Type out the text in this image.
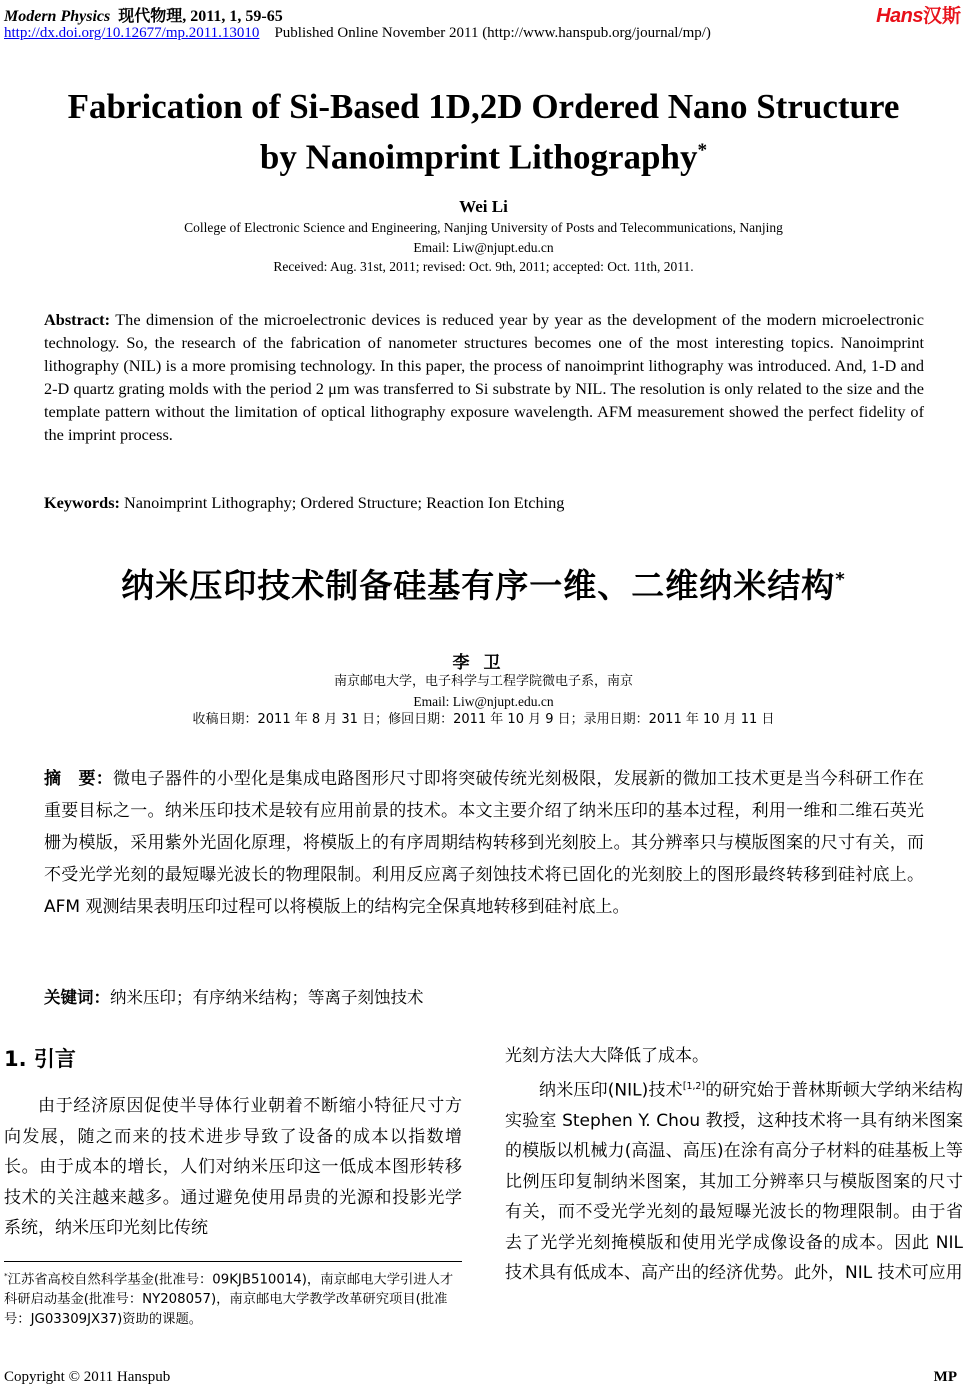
Modern Physics 现代物理, 2011, 1, 59-65
http://dx.doi.org/10.12677/mp.2011.13010 Published Online November 2011 (http://www.hanspub.org/journal/mp/)
Hans汉斯
Fabrication of Si-Based 1D,2D Ordered Nano Structure
by Nanoimprint Lithography*
Wei Li
College of Electronic Science and Engineering, Nanjing University of Posts and Telecommunications, Nanjing
Email: Liw@njupt.edu.cn
Received: Aug. 31st, 2011; revised: Oct. 9th, 2011; accepted: Oct. 11th, 2011.
Abstract: The dimension of the microelectronic devices is reduced year by year as the development of the modern microelectronic technology. So, the research of the fabrication of nanometer structures becomes one of the most interesting topics. Nanoimprint lithography (NIL) is a more promising technology. In this paper, the process of nanoimprint lithography was introduced. And, 1-D and 2-D quartz grating molds with the period 2 μm was transferred to Si substrate by NIL. The resolution is only related to the size and the template pattern without the limitation of optical lithography exposure wavelength. AFM measurement showed the perfect fidelity of the imprint process.
Keywords: Nanoimprint Lithography; Ordered Structure; Reaction Ion Etching
纳米压印技术制备硅基有序一维、二维纳米结构*
李卫
南京邮电大学，电子科学与工程学院微电子系，南京
Email: Liw@njupt.edu.cn
收稿日期：2011 年 8 月 31 日；修回日期：2011 年 10 月 9 日；录用日期：2011 年 10 月 11 日
摘　要：微电子器件的小型化是集成电路图形尺寸即将突破传统光刻极限，发展新的微加工技术更是当今科研工作在重要目标之一。纳米压印技术是较有应用前景的技术。本文主要介绍了纳米压印的基本过程，利用一维和二维石英光栅为模版，采用紫外光固化原理，将模版上的有序周期结构转移到光刻胶上。其分辨率只与模版图案的尺寸有关，而不受光学光刻的最短曝光波长的物理限制。利用反应离子刻蚀技术将已固化的光刻胶上的图形最终转移到硅衬底上。AFM 观测结果表明压印过程可以将模版上的结构完全保真地转移到硅衬底上。
关键词：纳米压印；有序纳米结构；等离子刻蚀技术
1. 引言

由于经济原因促使半导体行业朝着不断缩小特征尺寸方向发展，随之而来的技术进步导致了设备的成本以指数增长。由于成本的增长，人们对纳米压印这一低成本图形转移技术的关注越来越多。通过避免使用昂贵的光源和投影光学系统，纳米压印光刻比传统

光刻方法大大降低了成本。

纳米压印(NIL)技术[1,2]的研究始于普林斯顿大学纳米结构实验室 Stephen Y. Chou 教授，这种技术将一具有纳米图案的模版以机械力(高温、高压)在涂有高分子材料的硅基板上等比例压印复制纳米图案，其加工分辨率只与模版图案的尺寸有关，而不受光学光刻的最短曝光波长的物理限制。由于省去了光学光刻掩模版和使用光学成像设备的成本。因此 NIL 技术具有低成本、高产出的经济优势。此外，NIL 技术可应用

*江苏省高校自然科学基金(批准号：09KJB510014)，南京邮电大学引进人才科研启动基金(批准号：NY208057)，南京邮电大学教学改革研究项目(批准号：JG03309JX37)资助的课题。
Copyright © 2011 Hanspub	MP
